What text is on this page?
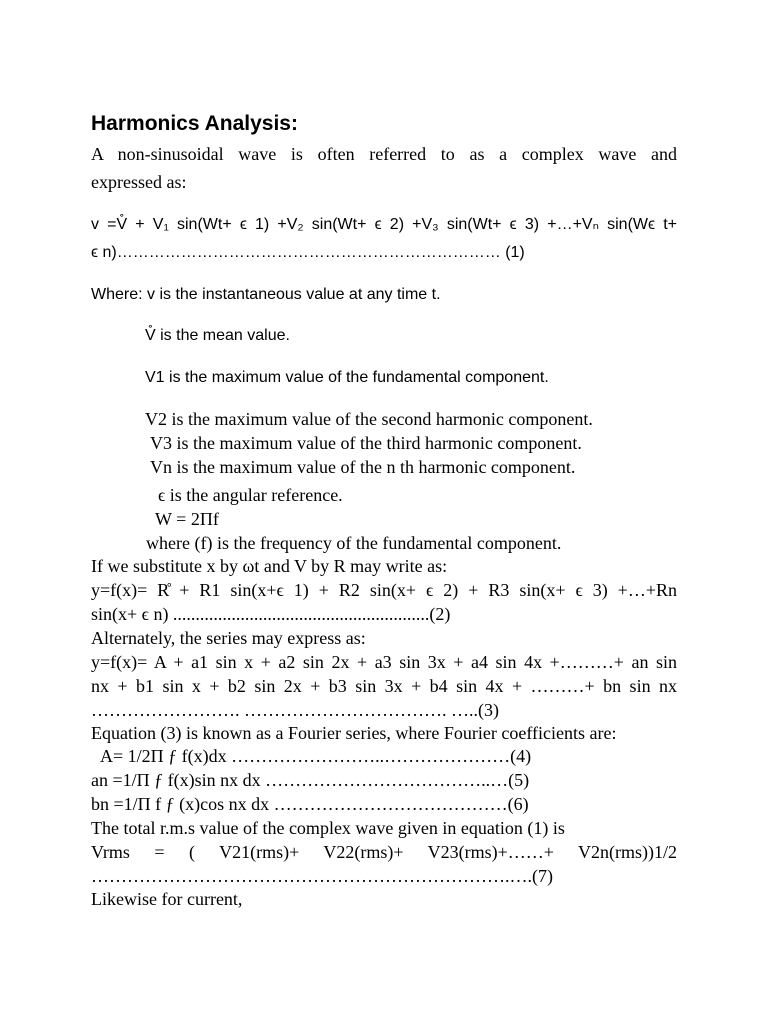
Harmonics Analysis:
A non-sinusoidal wave is often referred to as a complex wave and
expressed as:
v =V̊ + V₁ sin(Wt+ ϵ 1) +V₂ sin(Wt+ ϵ 2) +V₃ sin(Wt+ ϵ 3) +…+Vₙ sin(Wϵ t+
ϵ n)……………………………………………………………… (1)
Where: v is the instantaneous value at any time t.
V̊ is the mean value.
V1 is the maximum value of the fundamental component.
V2 is the maximum value of the second harmonic component.
V3 is the maximum value of the third harmonic component.
Vn is the maximum value of the n th harmonic component.
ϵ is the angular reference.
W = 2Πf
where (f) is the frequency of the fundamental component.
If we substitute x by ωt and V by R may write as:
y=f(x)= R̊ + R1 sin(x+ϵ 1) + R2 sin(x+ ϵ 2) + R3 sin(x+ ϵ 3) +…+Rn
sin(x+ ϵ n) .........................................................(2)
Alternately, the series may express as:
y=f(x)= A + a1 sin x + a2 sin 2x + a3 sin 3x + a4 sin 4x +………+ an sin
nx + b1 sin x + b2 sin 2x + b3 sin 3x + b4 sin 4x + ………+ bn sin nx
……………………. ……………………………. …..(3)
Equation (3) is known as a Fourier series, where Fourier coefficients are:
A= 1/2Π ƒ f(x)dx ……………………..…………………(4)
an =1/Π ƒ f(x)sin nx dx ………………………………..…(5)
bn =1/Π f ƒ (x)cos nx dx …………………………………(6)
The total r.m.s value of the complex wave given in equation (1) is
Vrms = ( V21(rms)+ V22(rms)+ V23(rms)+……+ V2n(rms))1/2
…………………………………………………………….….(7)
Likewise for current,
